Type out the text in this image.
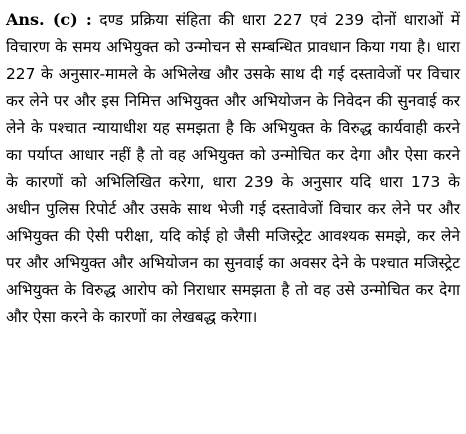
Ans. (c) : दण्ड प्रक्रिया संहिता की धारा 227 एवं 239 दोनों धाराओं में विचारण के समय अभियुक्त को उन्मोचन से सम्बन्धित प्रावधान किया गया है। धारा 227 के अनुसार-मामले के अभिलेख और उसके साथ दी गई दस्तावेजों पर विचार कर लेने पर और इस निमित्त अभियुक्त और अभियोजन के निवेदन की सुनवाई कर लेने के पश्चात न्यायाधीश यह समझता है कि अभियुक्त के विरुद्ध कार्यवाही करने का पर्याप्त आधार नहीं है तो वह अभियुक्त को उन्मोचित कर देगा और ऐसा करने के कारणों को अभिलिखित करेगा, धारा 239 के अनुसार यदि धारा 173 के अधीन पुलिस रिपोर्ट और उसके साथ भेजी गई दस्तावेजों विचार कर लेने पर और अभियुक्त की ऐसी परीक्षा, यदि कोई हो जैसी मजिस्ट्रेट आवश्यक समझे, कर लेने पर और अभियुक्त और अभियोजन का सुनवाई का अवसर देने के पश्चात मजिस्ट्रेट अभियुक्त के विरुद्ध आरोप को निराधार समझता है तो वह उसे उन्मोचित कर देगा और ऐसा करने के कारणों का लेखबद्ध करेगा।
